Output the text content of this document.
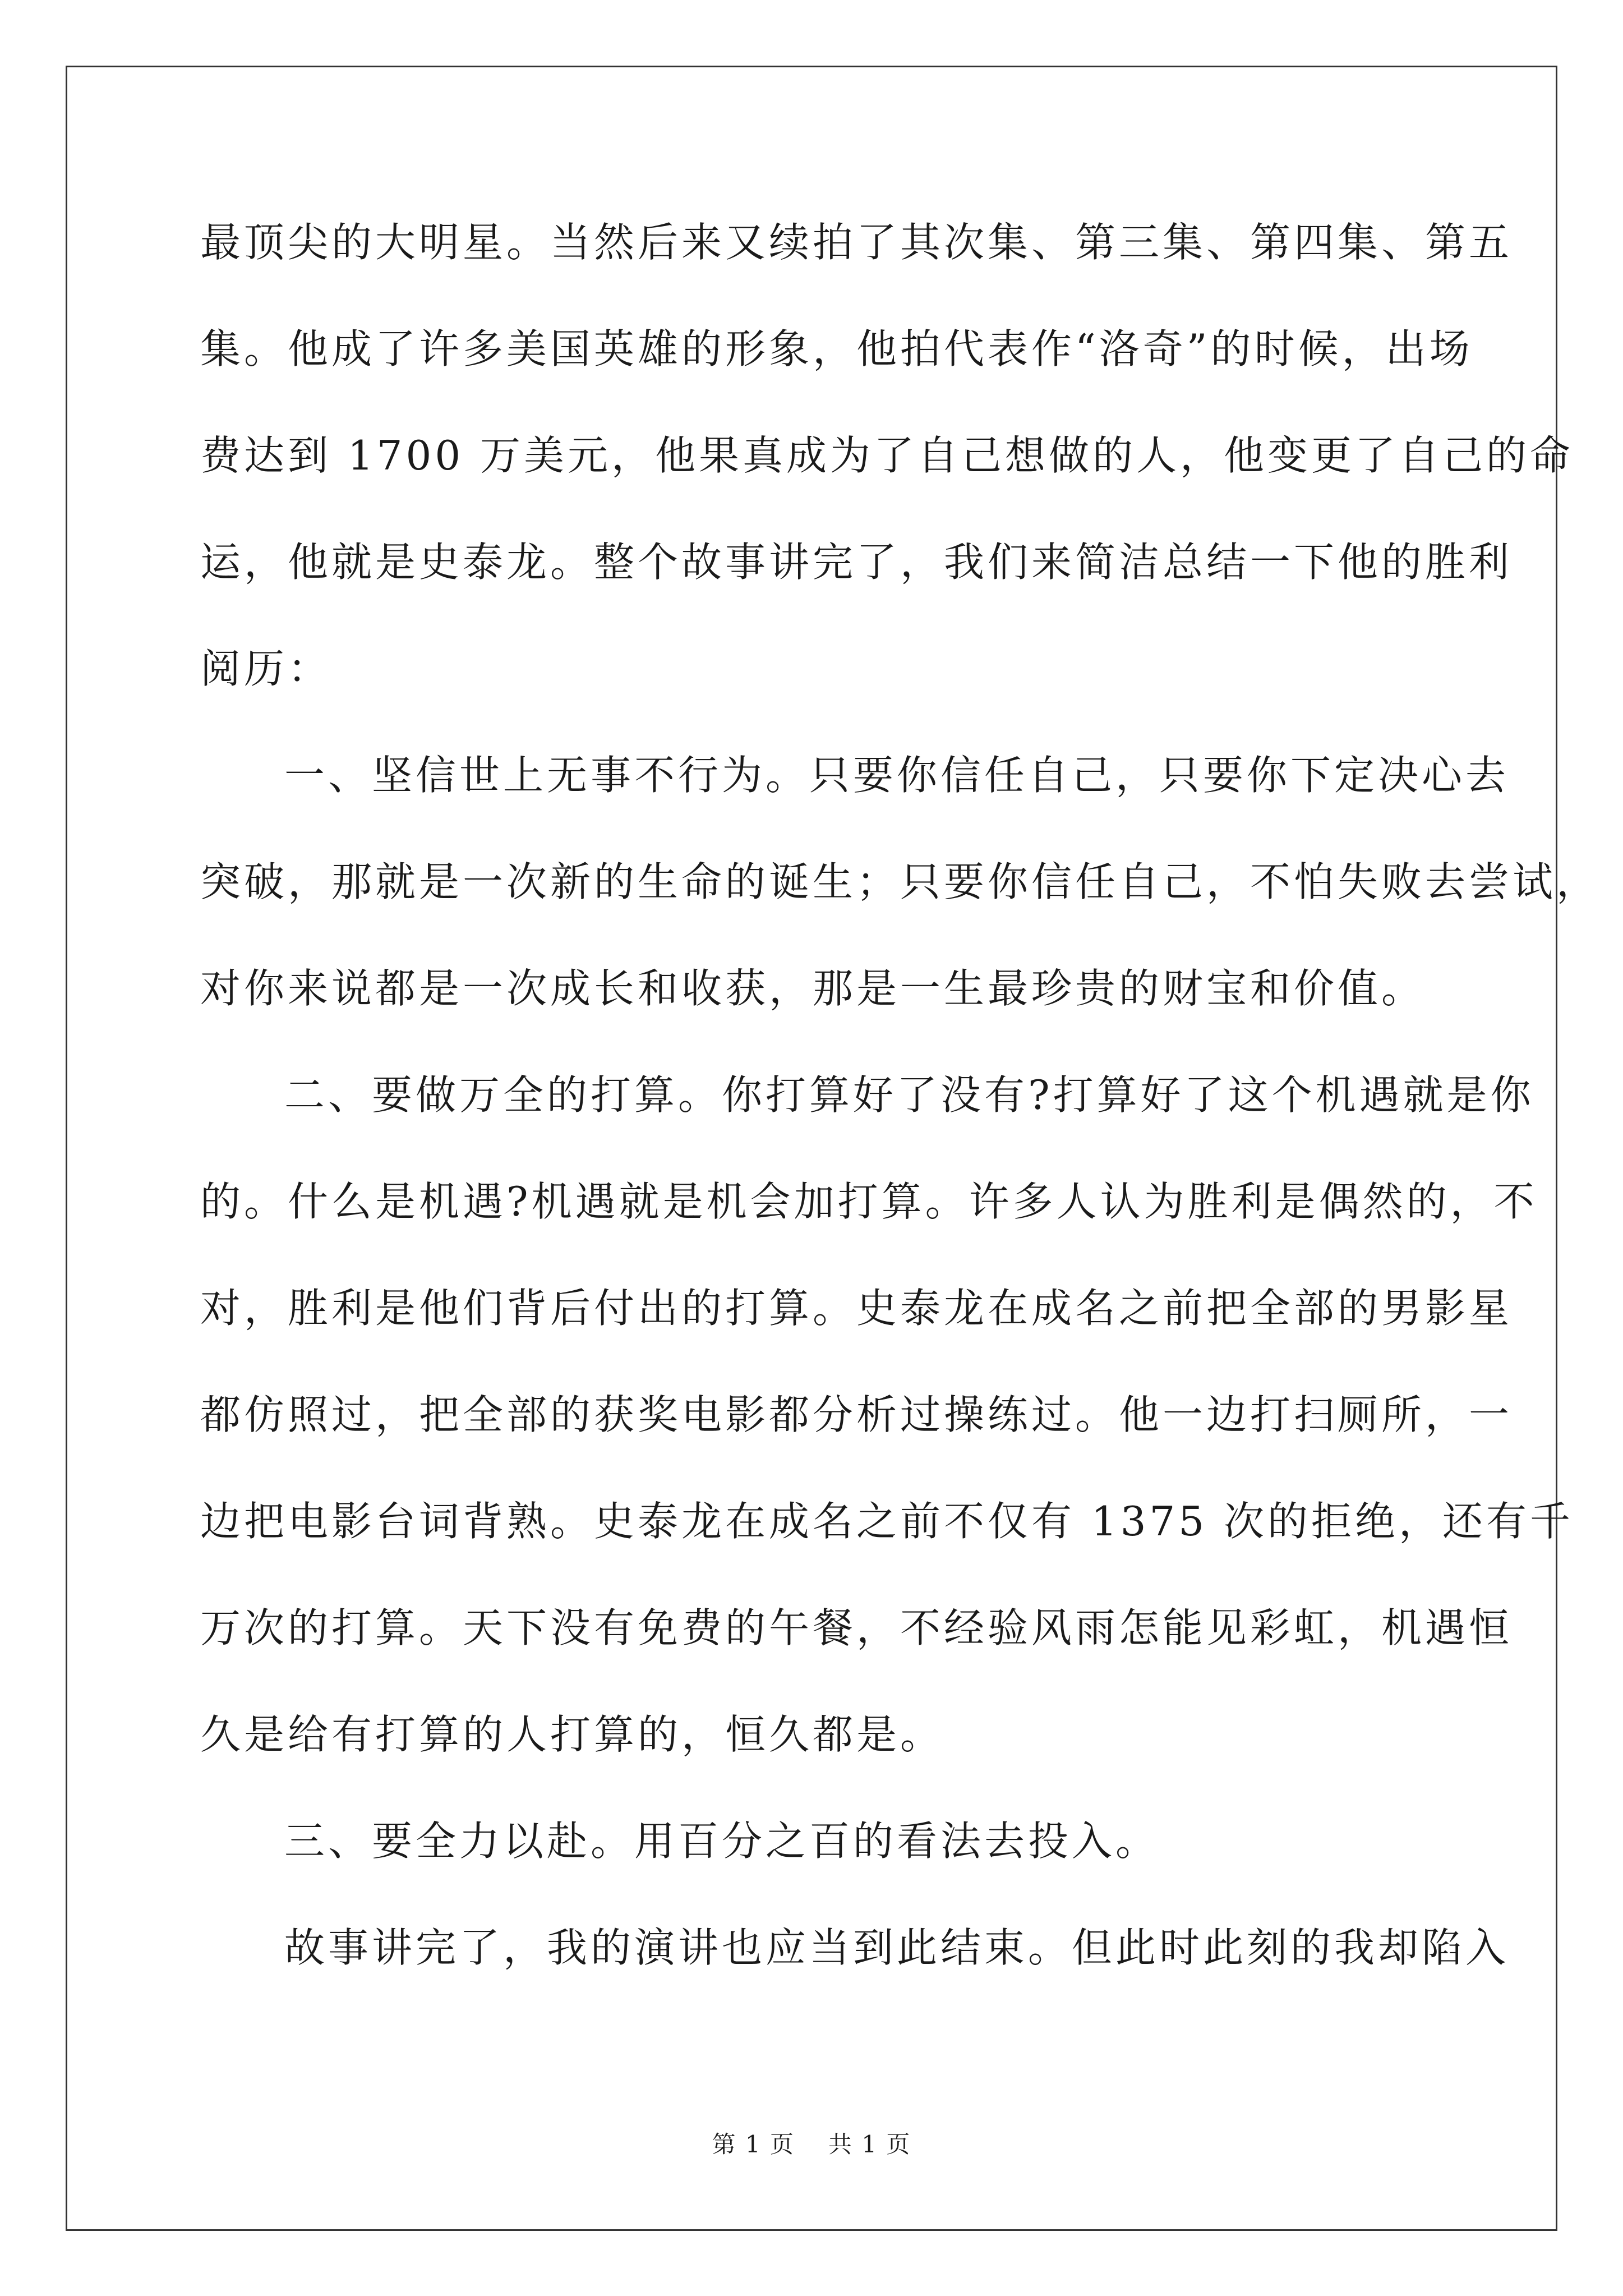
最顶尖的大明星。当然后来又续拍了其次集、第三集、第四集、第五
集。他成了许多美国英雄的形象，他拍代表作“洛奇”的时候，出场
费达到 1700 万美元，他果真成为了自己想做的人，他变更了自己的命
运，他就是史泰龙。整个故事讲完了，我们来简洁总结一下他的胜利
阅历：
一、坚信世上无事不行为。只要你信任自己，只要你下定决心去
突破，那就是一次新的生命的诞生；只要你信任自己，不怕失败去尝试，
对你来说都是一次成长和收获，那是一生最珍贵的财宝和价值。
二、要做万全的打算。你打算好了没有?打算好了这个机遇就是你
的。什么是机遇?机遇就是机会加打算。许多人认为胜利是偶然的，不
对，胜利是他们背后付出的打算。史泰龙在成名之前把全部的男影星
都仿照过，把全部的获奖电影都分析过操练过。他一边打扫厕所，一
边把电影台词背熟。史泰龙在成名之前不仅有 1375 次的拒绝，还有千
万次的打算。天下没有免费的午餐，不经验风雨怎能见彩虹，机遇恒
久是给有打算的人打算的，恒久都是。
三、要全力以赴。用百分之百的看法去投入。
故事讲完了，我的演讲也应当到此结束。但此时此刻的我却陷入
第 1 页 共 1 页
